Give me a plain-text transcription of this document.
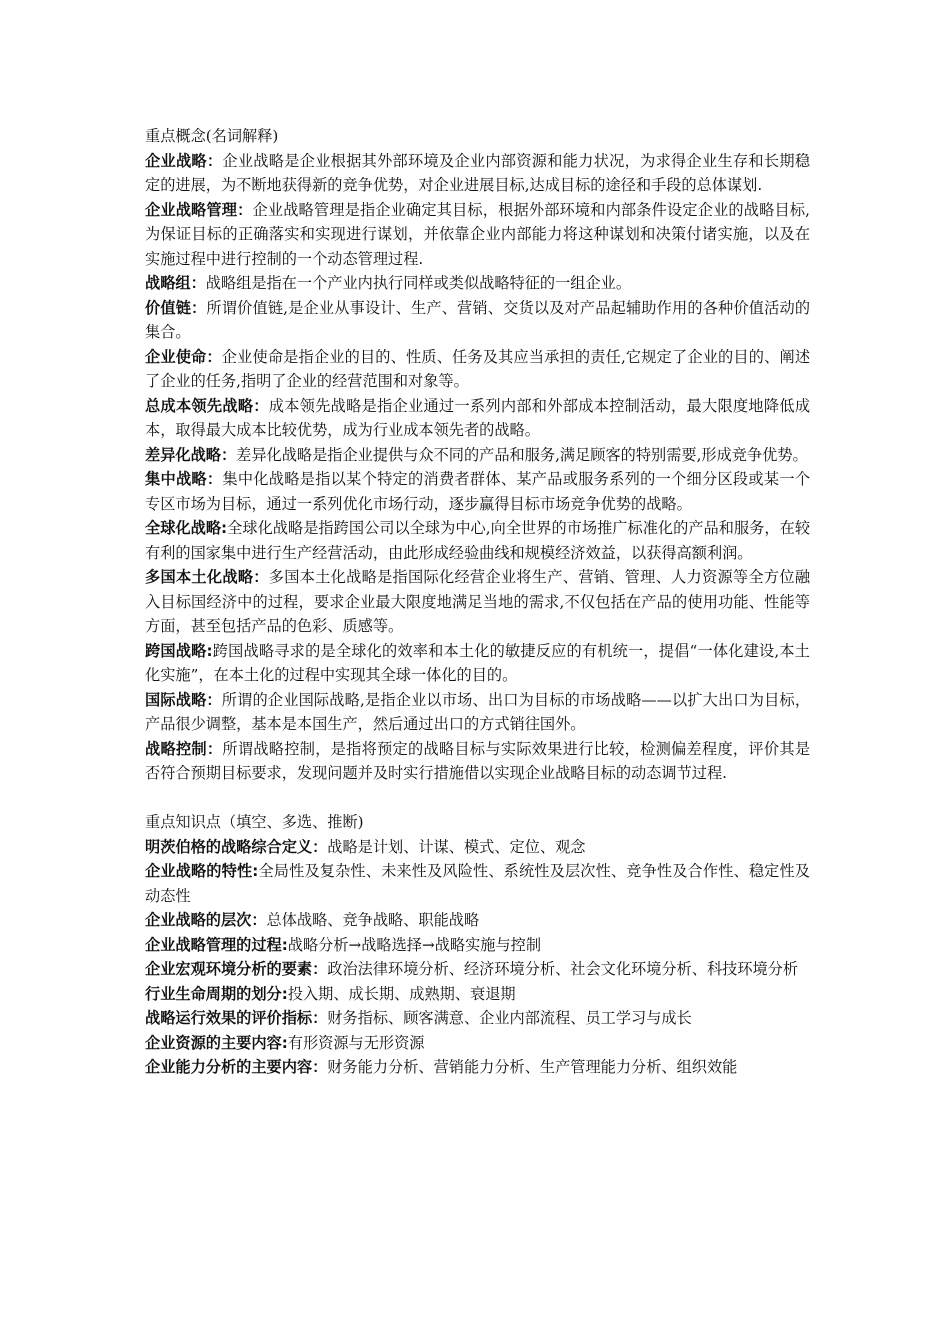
重点概念(名词解释)

企业战略：企业战略是企业根据其外部环境及企业内部资源和能力状况，为求得企业生存和长期稳定的进展，为不断地获得新的竞争优势，对企业进展目标,达成目标的途径和手段的总体谋划.

企业战略管理：企业战略管理是指企业确定其目标，根据外部环境和内部条件设定企业的战略目标,为保证目标的正确落实和实现进行谋划，并依靠企业内部能力将这种谋划和决策付诸实施，以及在实施过程中进行控制的一个动态管理过程.

战略组：战略组是指在一个产业内执行同样或类似战略特征的一组企业。

价值链：所谓价值链,是企业从事设计、生产、营销、交货以及对产品起辅助作用的各种价值活动的集合。

企业使命：企业使命是指企业的目的、性质、任务及其应当承担的责任,它规定了企业的目的、阐述了企业的任务,指明了企业的经营范围和对象等。

总成本领先战略：成本领先战略是指企业通过一系列内部和外部成本控制活动，最大限度地降低成本，取得最大成本比较优势，成为行业成本领先者的战略。

差异化战略：差异化战略是指企业提供与众不同的产品和服务,满足顾客的特别需要,形成竞争优势。

集中战略：集中化战略是指以某个特定的消费者群体、某产品或服务系列的一个细分区段或某一个专区市场为目标，通过一系列优化市场行动，逐步赢得目标市场竞争优势的战略。

全球化战略:全球化战略是指跨国公司以全球为中心,向全世界的市场推广标准化的产品和服务，在较有利的国家集中进行生产经营活动，由此形成经验曲线和规模经济效益，以获得高额利润。

多国本土化战略：多国本土化战略是指国际化经营企业将生产、营销、管理、人力资源等全方位融入目标国经济中的过程，要求企业最大限度地满足当地的需求,不仅包括在产品的使用功能、性能等方面，甚至包括产品的色彩、质感等。

跨国战略:跨国战略寻求的是全球化的效率和本土化的敏捷反应的有机统一，提倡“一体化建设,本土化实施”，在本土化的过程中实现其全球一体化的目的。

国际战略：所谓的企业国际战略,是指企业以市场、出口为目标的市场战略——以扩大出口为目标，产品很少调整，基本是本国生产，然后通过出口的方式销往国外。

战略控制：所谓战略控制，是指将预定的战略目标与实际效果进行比较，检测偏差程度，评价其是否符合预期目标要求，发现问题并及时实行措施借以实现企业战略目标的动态调节过程.

重点知识点（填空、多选、推断)

明茨伯格的战略综合定义：战略是计划、计谋、模式、定位、观念

企业战略的特性:全局性及复杂性、未来性及风险性、系统性及层次性、竞争性及合作性、稳定性及动态性

企业战略的层次：总体战略、竞争战略、职能战略

企业战略管理的过程:战略分析→战略选择→战略实施与控制

企业宏观环境分析的要素：政治法律环境分析、经济环境分析、社会文化环境分析、科技环境分析

行业生命周期的划分:投入期、成长期、成熟期、衰退期

战略运行效果的评价指标：财务指标、顾客满意、企业内部流程、员工学习与成长

企业资源的主要内容:有形资源与无形资源

企业能力分析的主要内容：财务能力分析、营销能力分析、生产管理能力分析、组织效能
